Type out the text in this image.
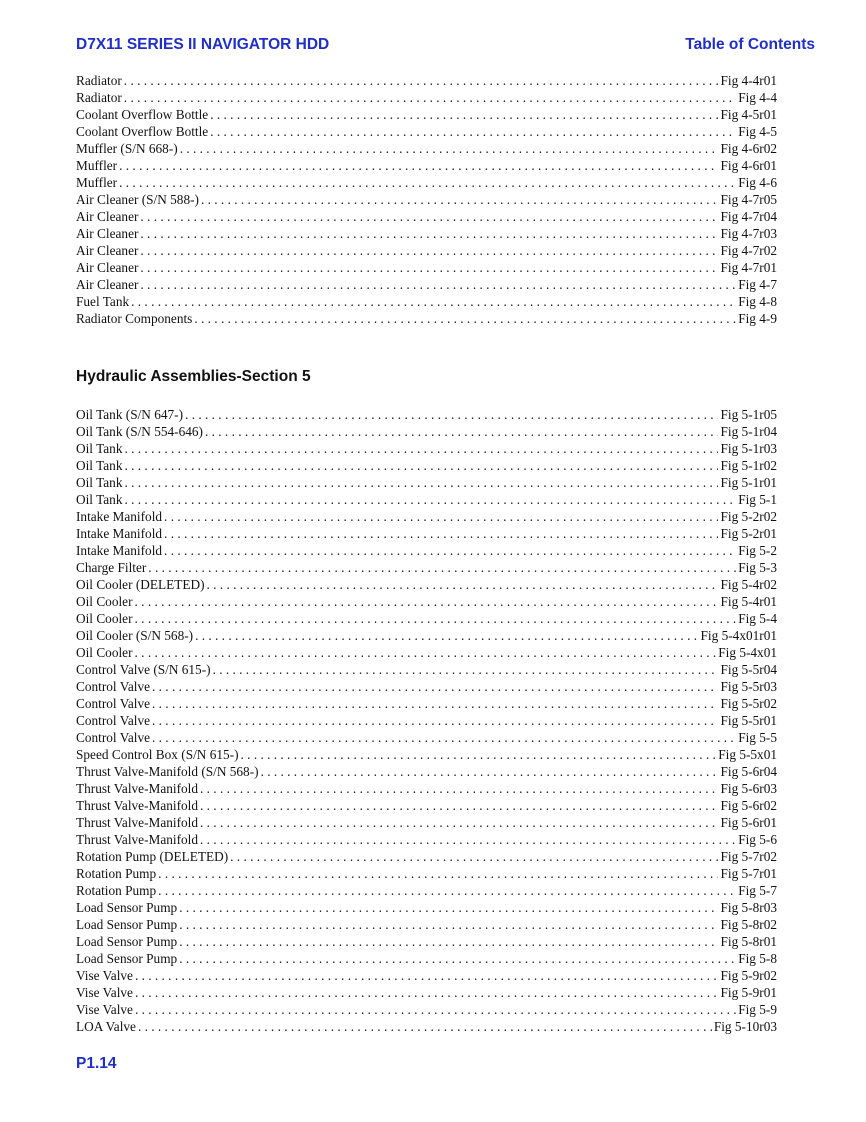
D7X11 SERIES II NAVIGATOR HDD	Table of Contents
Radiator . . .	Fig 4-4r01
Radiator . . .	Fig 4-4
Coolant Overflow Bottle . . .	Fig 4-5r01
Coolant Overflow Bottle . . .	Fig 4-5
Muffler (S/N 668-) . . .	Fig 4-6r02
Muffler . . .	Fig 4-6r01
Muffler . . .	Fig 4-6
Air Cleaner (S/N 588-) . . .	Fig 4-7r05
Air Cleaner . . .	Fig 4-7r04
Air Cleaner . . .	Fig 4-7r03
Air Cleaner . . .	Fig 4-7r02
Air Cleaner . . .	Fig 4-7r01
Air Cleaner . . .	Fig 4-7
Fuel Tank . . .	Fig 4-8
Radiator Components . . .	Fig 4-9
Hydraulic Assemblies-Section 5
Oil Tank (S/N 647-) . . .	Fig 5-1r05
Oil Tank (S/N 554-646) . . .	Fig 5-1r04
Oil Tank . . .	Fig 5-1r03
Oil Tank . . .	Fig 5-1r02
Oil Tank . . .	Fig 5-1r01
Oil Tank . . .	Fig 5-1
Intake Manifold . . .	Fig 5-2r02
Intake Manifold . . .	Fig 5-2r01
Intake Manifold . . .	Fig 5-2
Charge Filter . . .	Fig 5-3
Oil Cooler (DELETED) . . .	Fig 5-4r02
Oil Cooler . . .	Fig 5-4r01
Oil Cooler . . .	Fig 5-4
Oil Cooler (S/N 568-) . . .	Fig 5-4x01r01
Oil Cooler . . .	Fig 5-4x01
Control Valve (S/N 615-) . . .	Fig 5-5r04
Control Valve . . .	Fig 5-5r03
Control Valve . . .	Fig 5-5r02
Control Valve . . .	Fig 5-5r01
Control Valve . . .	Fig 5-5
Speed Control Box (S/N 615-) . . .	Fig 5-5x01
Thrust Valve-Manifold (S/N 568-) . . .	Fig 5-6r04
Thrust Valve-Manifold . . .	Fig 5-6r03
Thrust Valve-Manifold . . .	Fig 5-6r02
Thrust Valve-Manifold . . .	Fig 5-6r01
Thrust Valve-Manifold . . .	Fig 5-6
Rotation Pump (DELETED) . . .	Fig 5-7r02
Rotation Pump . . .	Fig 5-7r01
Rotation Pump . . .	Fig 5-7
Load Sensor Pump . . .	Fig 5-8r03
Load Sensor Pump . . .	Fig 5-8r02
Load Sensor Pump . . .	Fig 5-8r01
Load Sensor Pump . . .	Fig 5-8
Vise Valve . . .	Fig 5-9r02
Vise Valve . . .	Fig 5-9r01
Vise Valve . . .	Fig 5-9
LOA Valve . . .	Fig 5-10r03
P1.14
